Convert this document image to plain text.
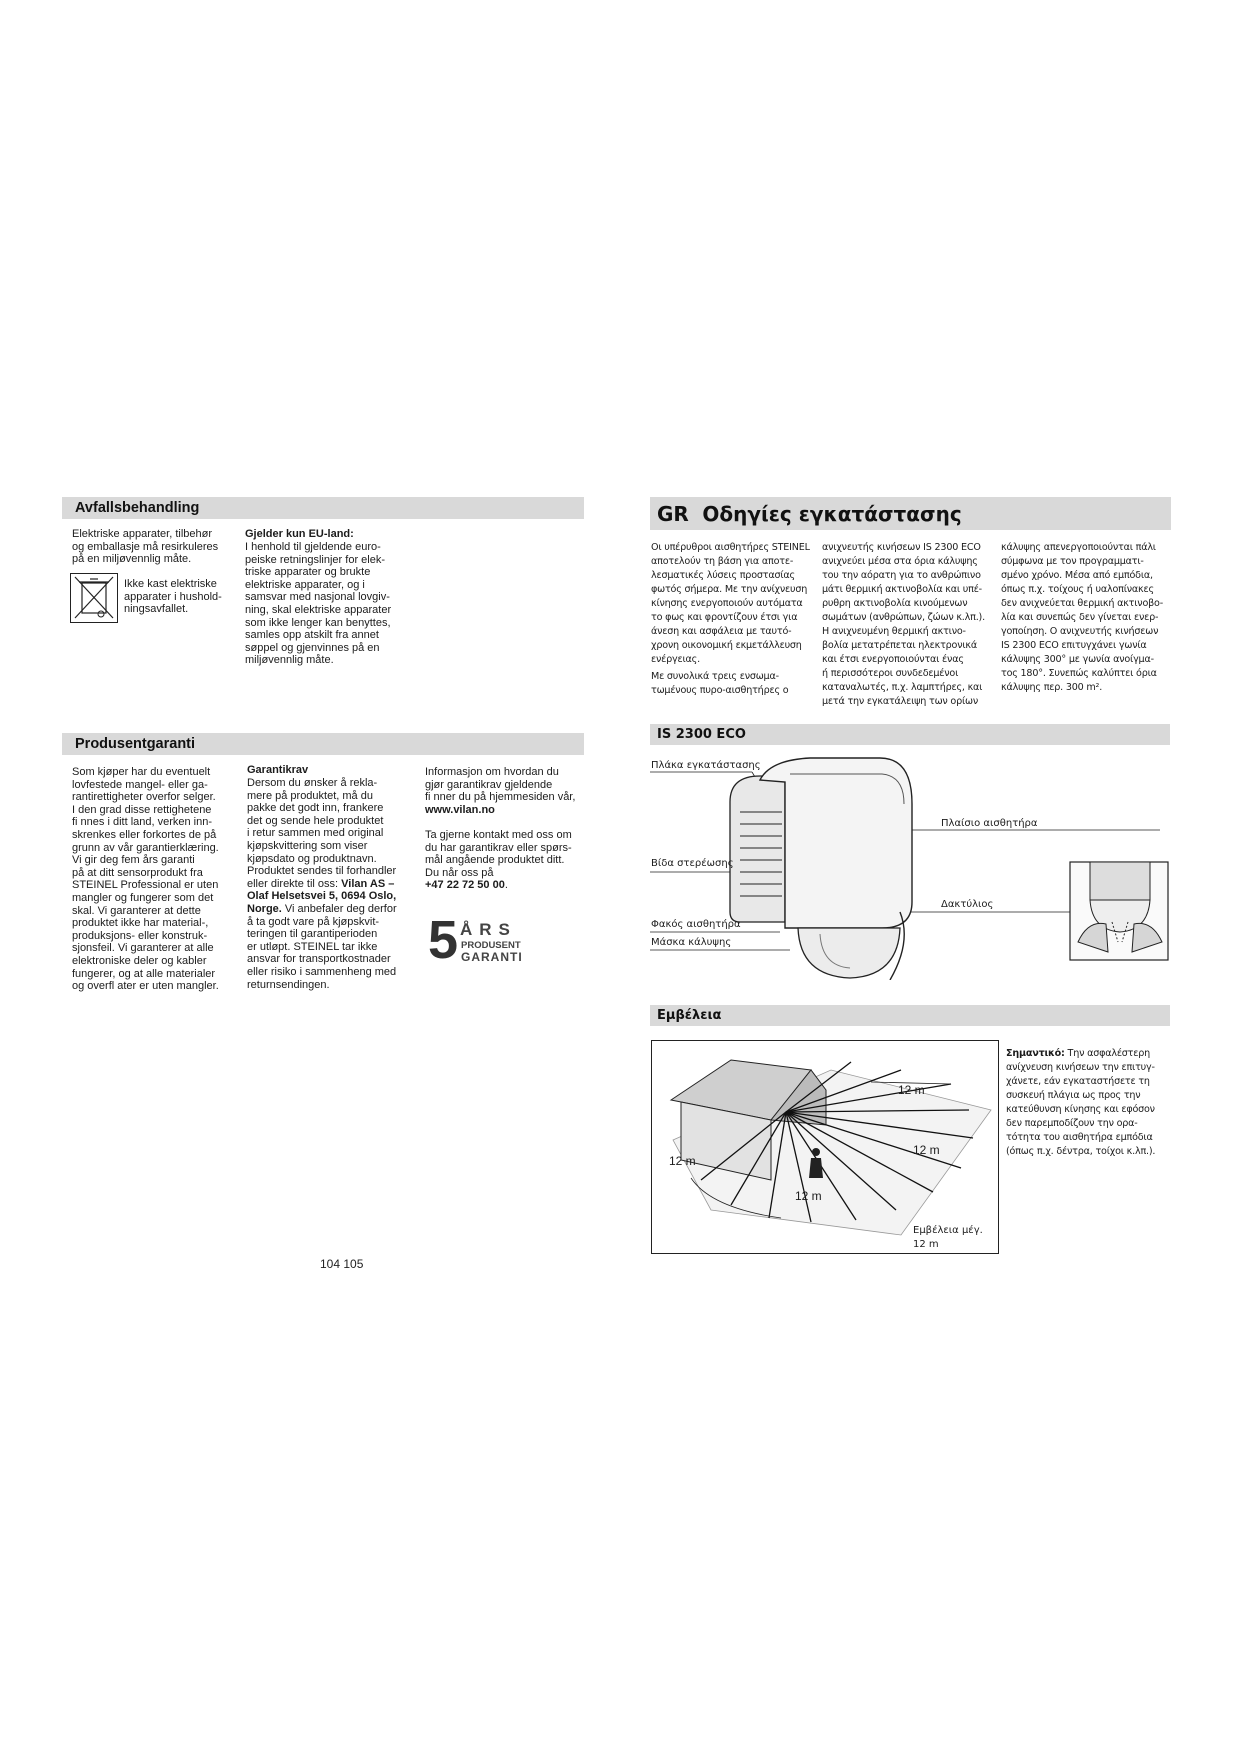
Avfallsbehandling
Elektriske apparater, tilbehør
og emballasje må resirkuleres
på en miljøvennlig måte.
Ikke kast elektriske
apparater i hushold-
ningsavfallet.
Gjelder kun EU-land:
I henhold til gjeldende euro-
peiske retningslinjer for elek-
triske apparater og brukte
elektriske apparater, og i
samsvar med nasjonal lovgiv-
ning, skal elektriske apparater
som ikke lenger kan benyttes,
samles opp atskilt fra annet
søppel og gjenvinnes på en
miljøvennlig måte.
Produsentgaranti
Som kjøper har du eventuelt
lovfestede mangel- eller ga-
rantirettigheter overfor selger.
I den grad disse rettighetene
fi nnes i ditt land, verken inn-
skrenkes eller forkortes de på
grunn av vår garantierklæring.
Vi gir deg fem års garanti
på at ditt sensorprodukt fra
STEINEL Professional er uten
mangler og fungerer som det
skal. Vi garanterer at dette
produktet ikke har material-,
produksjons- eller konstruk-
sjonsfeil. Vi garanterer at alle
elektroniske deler og kabler
fungerer, og at alle materialer
og overfl ater er uten mangler.
Garantikrav
Dersom du ønsker å rekla-
mere på produktet, må du
pakke det godt inn, frankere
det og sende hele produktet
i retur sammen med original
kjøpskvittering som viser
kjøpsdato og produktnavn.
Produktet sendes til forhandler
eller direkte til oss: Vilan AS –
Olaf Helsetsvei 5, 0694 Oslo,
Norge. Vi anbefaler deg derfor
å ta godt vare på kjøpskvit-
teringen til garantiperioden
er utløpt. STEINEL tar ikke
ansvar for transportkostnader
eller risiko i sammenheng med
returnsendingen.
Informasjon om hvordan du
gjør garantikrav gjeldende
fi nner du på hjemmesiden vår,
www.vilan.no
Ta gjerne kontakt med oss om
du har garantikrav eller spørs-
mål angående produktet ditt.
Du når oss på
+47 22 72 50 00.
5 ÅRS
PRODUSENT
GARANTI
104 105
GR Οδηγίες εγκατάστασης
Οι υπέρυθροι αισθητήρες STEINEL
αποτελούν τη βάση για αποτε-
λεσματικές λύσεις προστασίας
φωτός σήμερα. Με την ανίχνευση
κίνησης ενεργοποιούν αυτόματα
το φως και φροντίζουν έτσι για
άνεση και ασφάλεια με ταυτό-
χρονη οικονομική εκμετάλλευση
ενέργειας.
Με συνολικά τρεις ενσωμα-
τωμένους πυρο-αισθητήρες ο
ανιχνευτής κινήσεων IS 2300 ECO
ανιχνεύει μέσα στα όρια κάλυψης
του την αόρατη για το ανθρώπινο
μάτι θερμική ακτινοβολία και υπέ-
ρυθρη ακτινοβολία κινούμενων
σωμάτων (ανθρώπων, ζώων κ.λπ.).
Η ανιχνευμένη θερμική ακτινο-
βολία μετατρέπεται ηλεκτρονικά
και έτσι ενεργοποιούνται ένας
ή περισσότεροι συνδεδεμένοι
καταναλωτές, π.χ. λαμπτήρες, και
μετά την εγκατάλειψη των ορίων
κάλυψης απενεργοποιούνται πάλι
σύμφωνα με τον προγραμματι-
σμένο χρόνο. Μέσα από εμπόδια,
όπως π.χ. τοίχους ή υαλοπίνακες
δεν ανιχνεύεται θερμική ακτινοβο-
λία και συνεπώς δεν γίνεται ενερ-
γοποίηση. Ο ανιχνευτής κινήσεων
IS 2300 ECO επιτυγχάνει γωνία
κάλυψης 300° με γωνία ανοίγμα-
τος 180°. Συνεπώς καλύπτει όρια
κάλυψης περ. 300 m².
IS 2300 ECO
Πλάκα εγκατάστασης
Πλαίσιο αισθητήρα
Βίδα στερέωσης
Δακτύλιος
Φακός αισθητήρα
Μάσκα κάλυψης
Εμβέλεια
12 m
12 m
12 m
12 m
Εμβέλεια μέγ.
12 m
Σημαντικό: Την ασφαλέστερη
ανίχνευση κινήσεων την επιτυγ-
χάνετε, εάν εγκαταστήσετε τη
συσκευή πλάγια ως προς την
κατεύθυνση κίνησης και εφόσον
δεν παρεμποδίζουν την ορα-
τότητα του αισθητήρα εμπόδια
(όπως π.χ. δέντρα, τοίχοι κ.λπ.).
